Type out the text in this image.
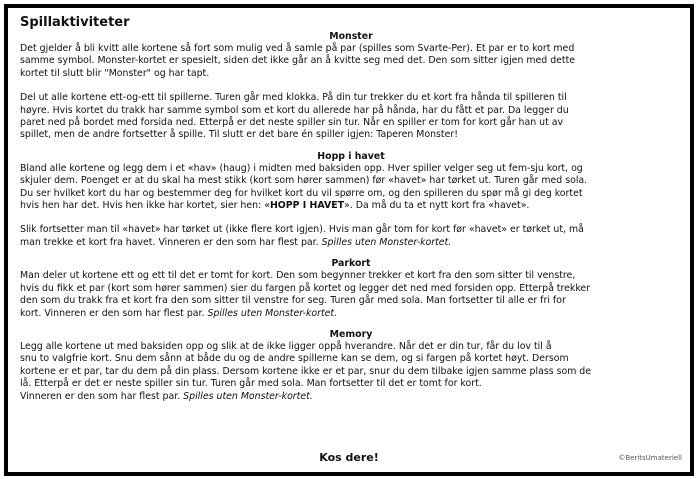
Spillaktiviteter
Monster

Det gjelder å bli kvitt alle kortene så fort som mulig ved å samle på par (spilles som Svarte-Per). Et par er to kort med
samme symbol. Monster-kortet er spesielt, siden det ikke går an å kvitte seg med det. Den som sitter igjen med dette
kortet til slutt blir "Monster" og har tapt.

Del ut alle kortene ett-og-ett til spillerne. Turen går med klokka. På din tur trekker du et kort fra hånda til spilleren til
høyre. Hvis kortet du trakk har samme symbol som et kort du allerede har på hånda, har du fått et par. Da legger du
paret ned på bordet med forsida ned. Etterpå er det neste spiller sin tur. Når en spiller er tom for kort går han ut av
spillet, men de andre fortsetter å spille. Til slutt er det bare én spiller igjen: Taperen Monster!

Hopp i havet

Bland alle kortene og legg dem i et «hav» (haug) i midten med baksiden opp. Hver spiller velger seg ut fem-sju kort, og
skjuler dem. Poenget er at du skal ha mest stikk (kort som hører sammen) før «havet» har tørket ut. Turen går med sola.
Du ser hvilket kort du har og bestemmer deg for hvilket kort du vil spørre om, og den spilleren du spør må gi deg kortet
hvis hen har det. Hvis hen ikke har kortet, sier hen: «HOPP I HAVET». Da må du ta et nytt kort fra «havet».

Slik fortsetter man til «havet» har tørket ut (ikke flere kort igjen). Hvis man går tom for kort før «havet» er tørket ut, må
man trekke et kort fra havet. Vinneren er den som har flest par. Spilles uten Monster-kortet.

Parkort

Man deler ut kortene ett og ett til det er tomt for kort. Den som begynner trekker et kort fra den som sitter til venstre,
hvis du fikk et par (kort som hører sammen) sier du fargen på kortet og legger det ned med forsiden opp. Etterpå trekker
den som du trakk fra et kort fra den som sitter til venstre for seg. Turen går med sola. Man fortsetter til alle er fri for
kort. Vinneren er den som har flest par. Spilles uten Monster-kortet.

Memory

Legg alle kortene ut med baksiden opp og slik at de ikke ligger oppå hverandre. Når det er din tur, får du lov til å
snu to valgfrie kort. Snu dem sånn at både du og de andre spillerne kan se dem, og si fargen på kortet høyt. Dersom
kortene er et par, tar du dem på din plass. Dersom kortene ikke er et par, snur du dem tilbake igjen samme plass som de
lå. Etterpå er det er neste spiller sin tur. Turen går med sola. Man fortsetter til det er tomt for kort.
Vinneren er den som har flest par. Spilles uten Monster-kortet.

Kos dere!	©BeritsUmateriell
